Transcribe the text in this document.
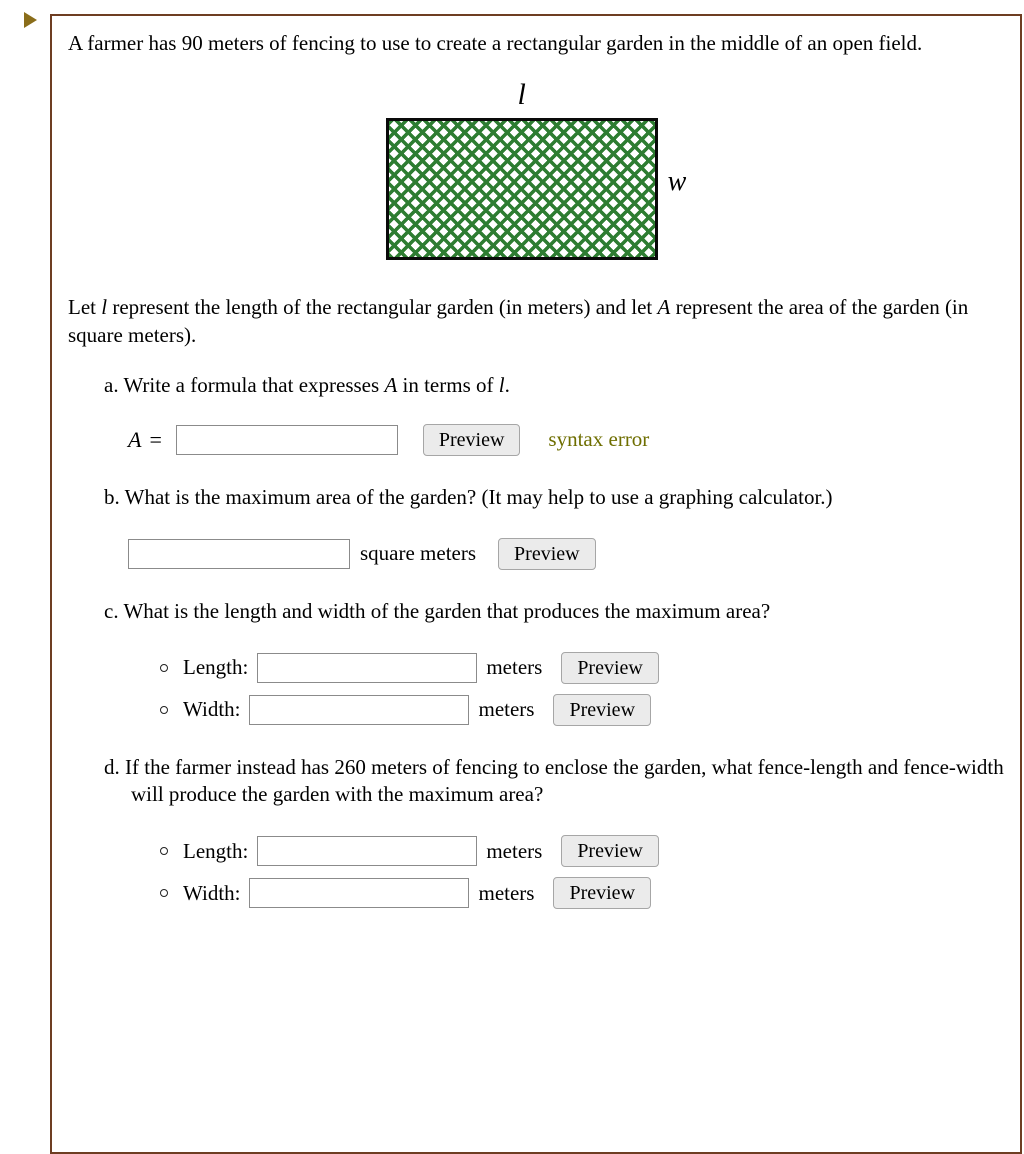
A farmer has 90 meters of fencing to use to create a rectangular garden in the middle of an open field.

l
w

Let l represent the length of the rectangular garden (in meters) and let A represent the area of the garden (in square meters).

a. Write a formula that expresses A in terms of l.
A =	Preview	syntax error
b. What is the maximum area of the garden? (It may help to use a graphing calculator.)
square meters	Preview
c. What is the length and width of the garden that produces the maximum area?
Length:	meters	Preview
Width:	meters	Preview
d. If the farmer instead has 260 meters of fencing to enclose the garden, what fence-length and fence-width will produce the garden with the maximum area?
Length:	meters	Preview
Width:	meters	Preview
